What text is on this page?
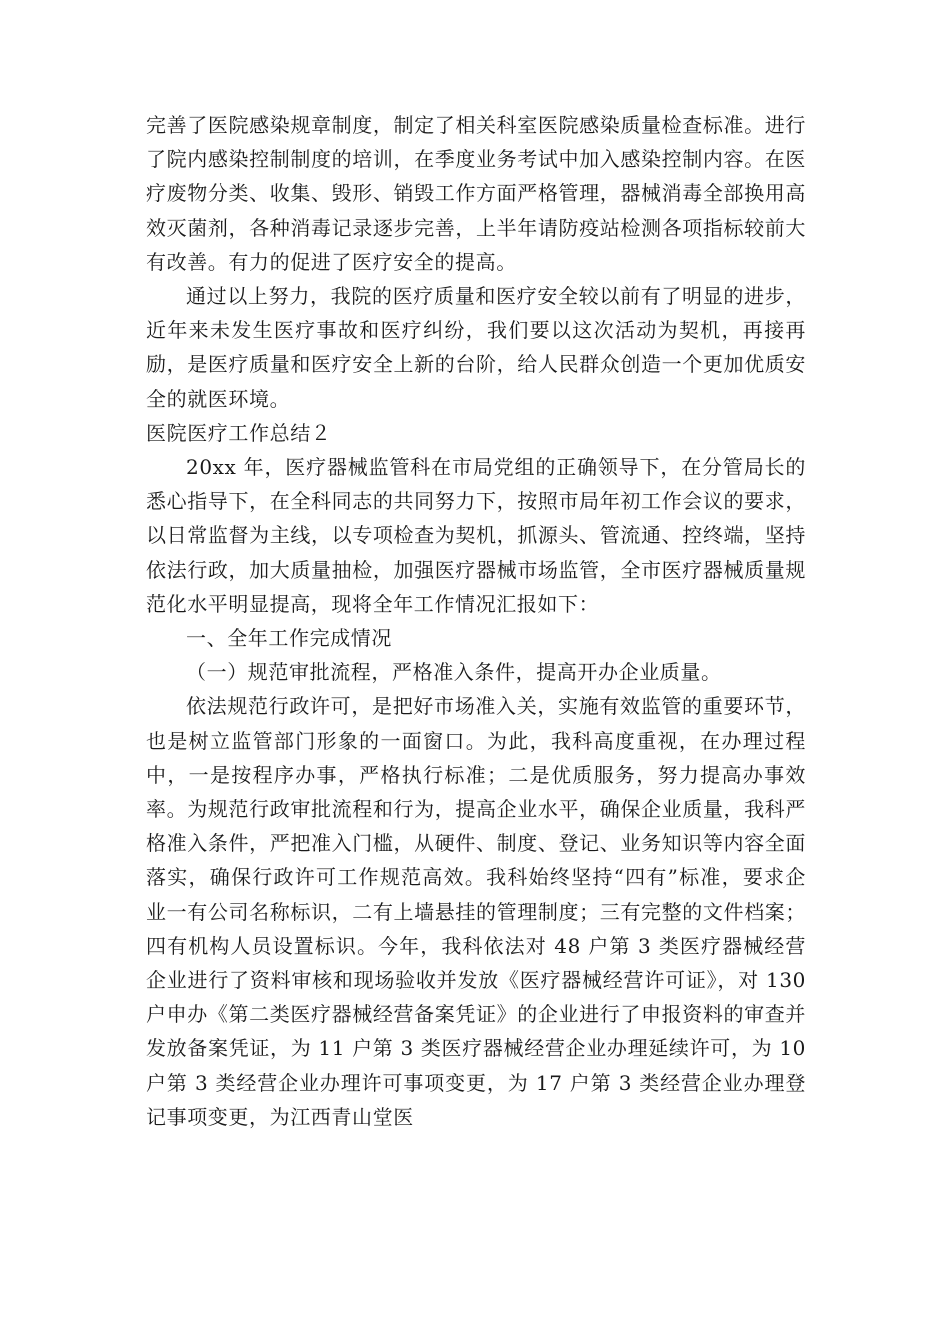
完善了医院感染规章制度，制定了相关科室医院感染质量检查标准。进行了院内感染控制制度的培训，在季度业务考试中加入感染控制内容。在医疗废物分类、收集、毁形、销毁工作方面严格管理，器械消毒全部换用高效灭菌剂，各种消毒记录逐步完善，上半年请防疫站检测各项指标较前大有改善。有力的促进了医疗安全的提高。

通过以上努力，我院的医疗质量和医疗安全较以前有了明显的进步，近年来未发生医疗事故和医疗纠纷，我们要以这次活动为契机，再接再励，是医疗质量和医疗安全上新的台阶，给人民群众创造一个更加优质安全的就医环境。

医院医疗工作总结２

20xx 年，医疗器械监管科在市局党组的正确领导下，在分管局长的悉心指导下，在全科同志的共同努力下，按照市局年初工作会议的要求，以日常监督为主线，以专项检查为契机，抓源头、管流通、控终端，坚持依法行政，加大质量抽检，加强医疗器械市场监管，全市医疗器械质量规范化水平明显提高，现将全年工作情况汇报如下：

一、全年工作完成情况

（一）规范审批流程，严格准入条件，提高开办企业质量。

依法规范行政许可，是把好市场准入关，实施有效监管的重要环节，也是树立监管部门形象的一面窗口。为此，我科高度重视，在办理过程中，一是按程序办事，严格执行标准；二是优质服务，努力提高办事效率。为规范行政审批流程和行为，提高企业水平，确保企业质量，我科严格准入条件，严把准入门槛，从硬件、制度、登记、业务知识等内容全面落实，确保行政许可工作规范高效。我科始终坚持“四有”标准，要求企业一有公司名称标识，二有上墙悬挂的管理制度；三有完整的文件档案；四有机构人员设置标识。今年，我科依法对 48 户第 3 类医疗器械经营企业进行了资料审核和现场验收并发放《医疗器械经营许可证》，对 130 户申办《第二类医疗器械经营备案凭证》的企业进行了申报资料的审查并发放备案凭证，为 11 户第 3 类医疗器械经营企业办理延续许可，为 10 户第 3 类经营企业办理许可事项变更，为 17 户第 3 类经营企业办理登记事项变更，为江西青山堂医
